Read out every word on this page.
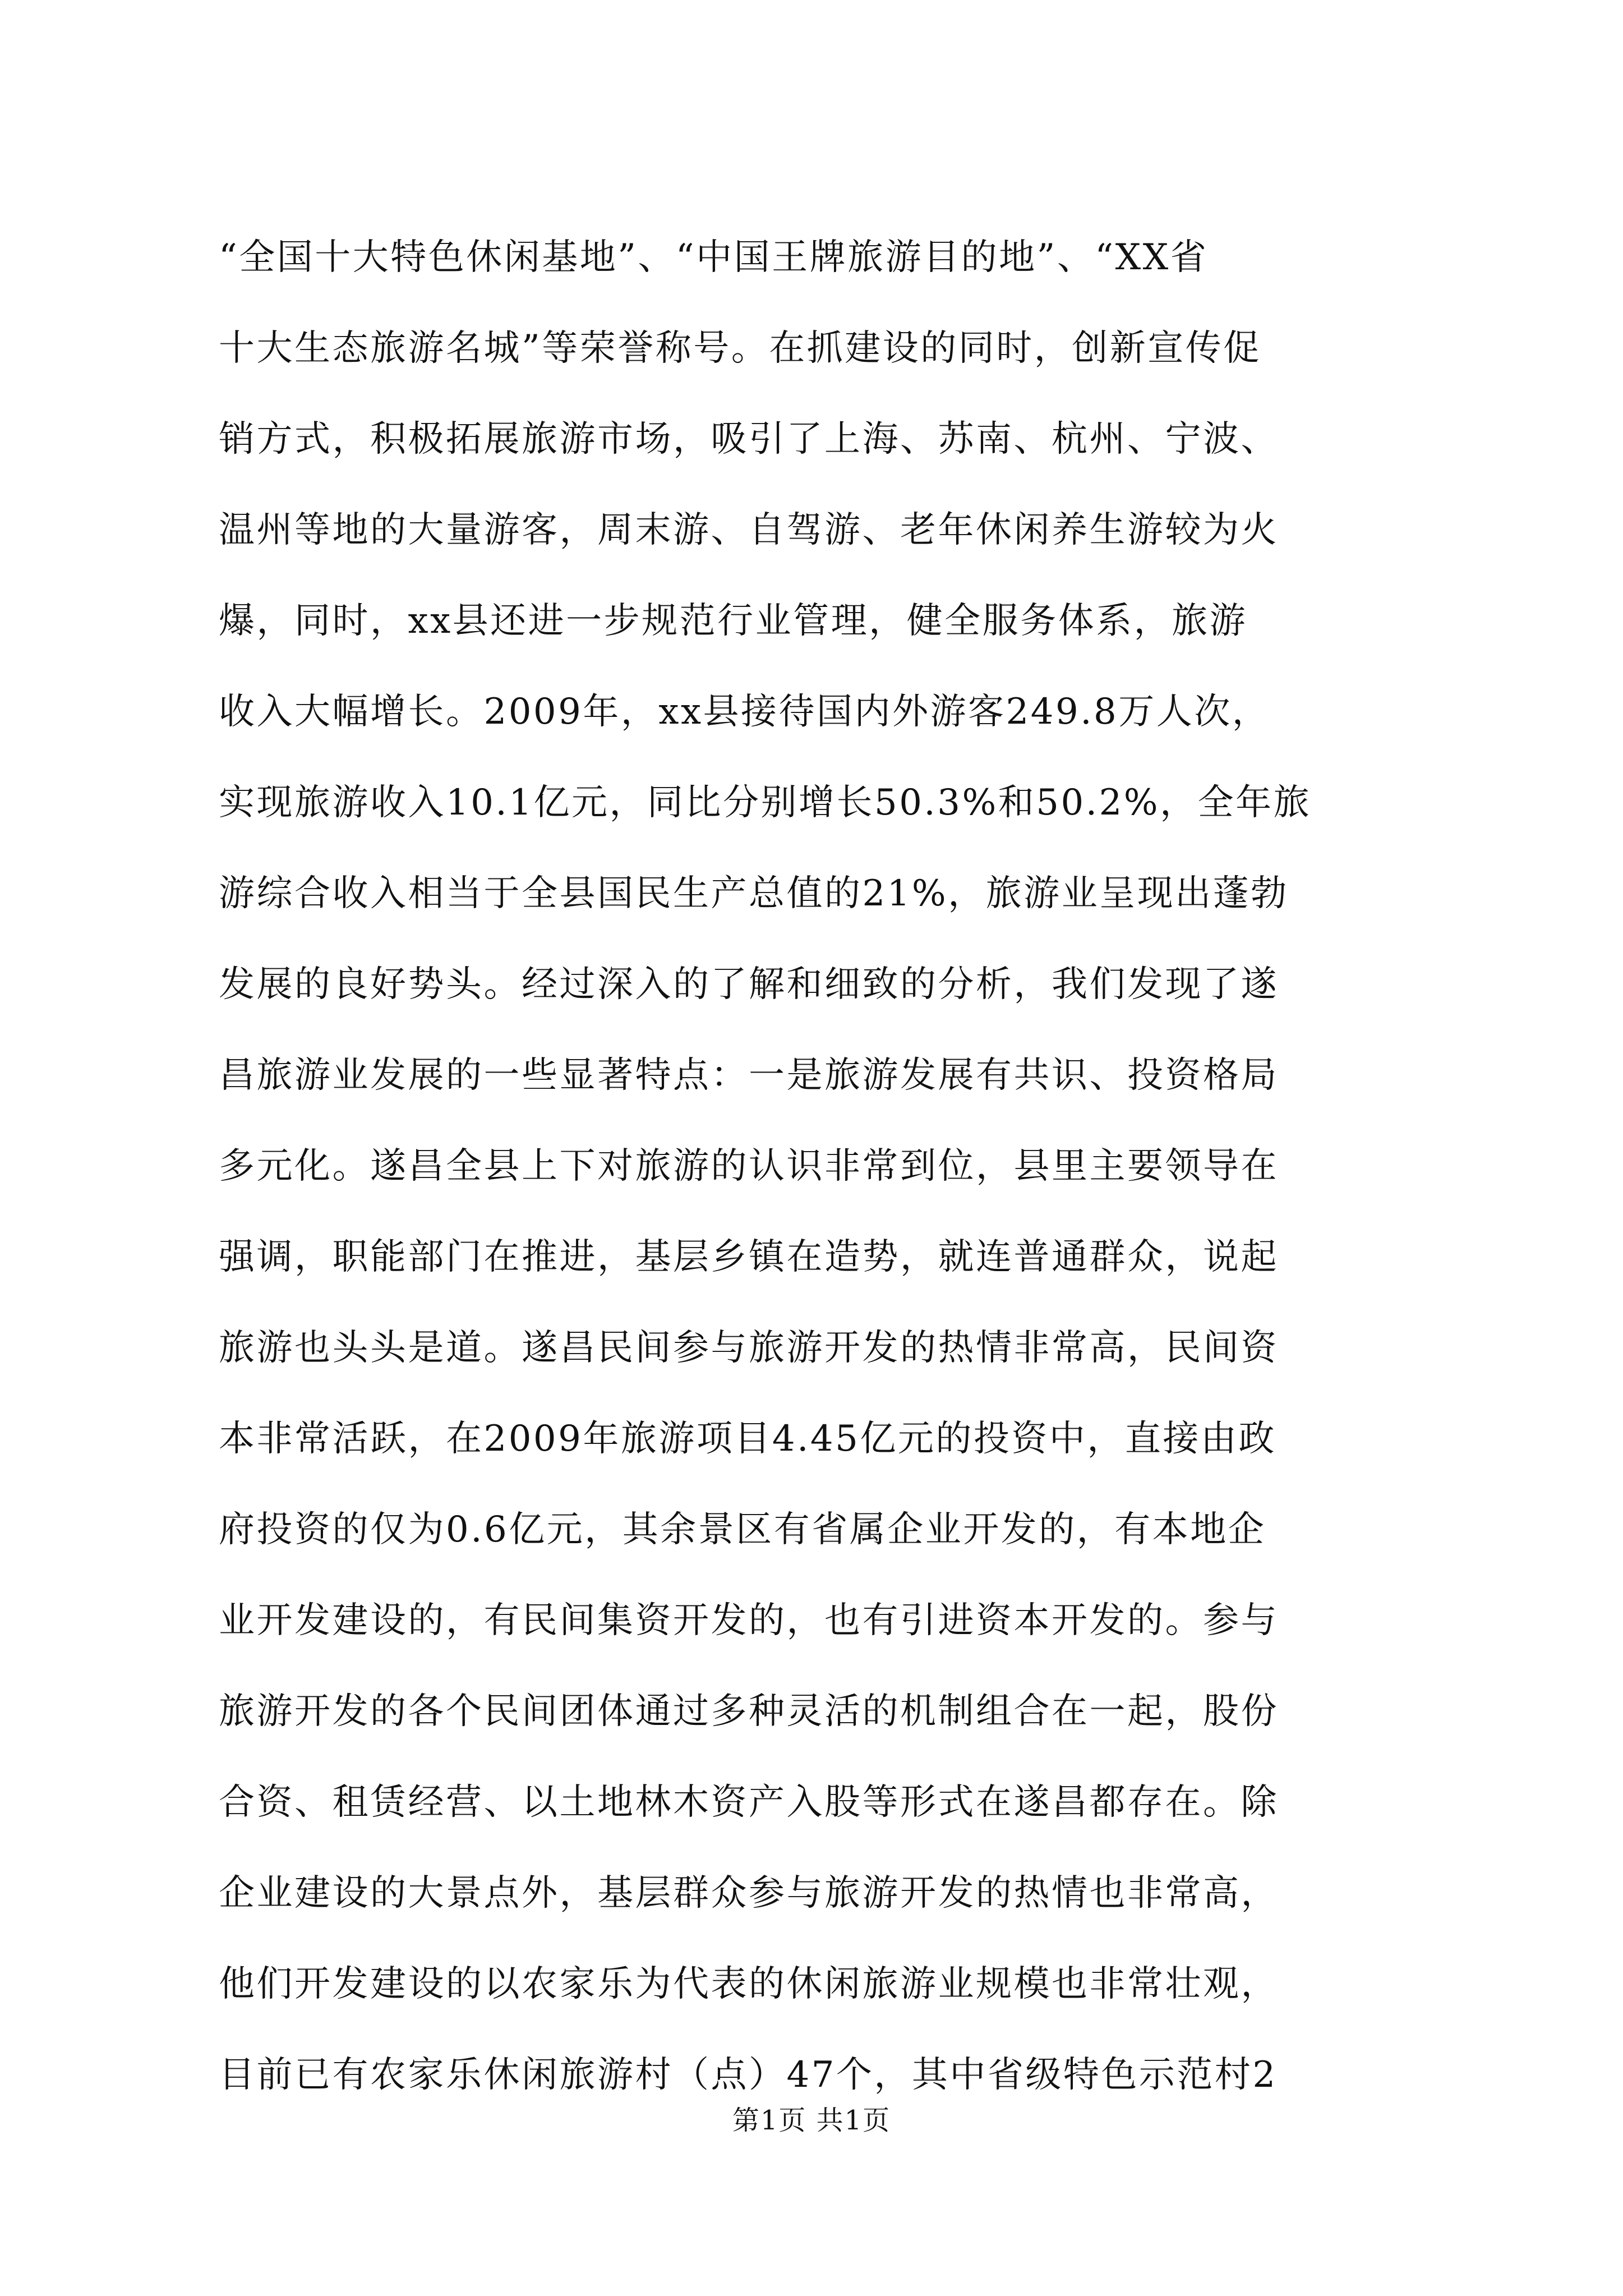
“全国十大特色休闲基地”、“中国王牌旅游目的地”、“XX省
十大生态旅游名城”等荣誉称号。在抓建设的同时，创新宣传促
销方式，积极拓展旅游市场，吸引了上海、苏南、杭州、宁波、
温州等地的大量游客，周末游、自驾游、老年休闲养生游较为火
爆，同时，xx县还进一步规范行业管理，健全服务体系，旅游
收入大幅增长。2009年，xx县接待国内外游客249.8万人次，
实现旅游收入10.1亿元，同比分别增长50.3%和50.2%，全年旅
游综合收入相当于全县国民生产总值的21%，旅游业呈现出蓬勃
发展的良好势头。经过深入的了解和细致的分析，我们发现了遂
昌旅游业发展的一些显著特点：一是旅游发展有共识、投资格局
多元化。遂昌全县上下对旅游的认识非常到位，县里主要领导在
强调，职能部门在推进，基层乡镇在造势，就连普通群众，说起
旅游也头头是道。遂昌民间参与旅游开发的热情非常高，民间资
本非常活跃，在2009年旅游项目4.45亿元的投资中，直接由政
府投资的仅为0.6亿元，其余景区有省属企业开发的，有本地企
业开发建设的，有民间集资开发的，也有引进资本开发的。参与
旅游开发的各个民间团体通过多种灵活的机制组合在一起，股份
合资、租赁经营、以土地林木资产入股等形式在遂昌都存在。除
企业建设的大景点外，基层群众参与旅游开发的热情也非常高，
他们开发建设的以农家乐为代表的休闲旅游业规模也非常壮观，
目前已有农家乐休闲旅游村（点）47个，其中省级特色示范村2
第1页 共1页
